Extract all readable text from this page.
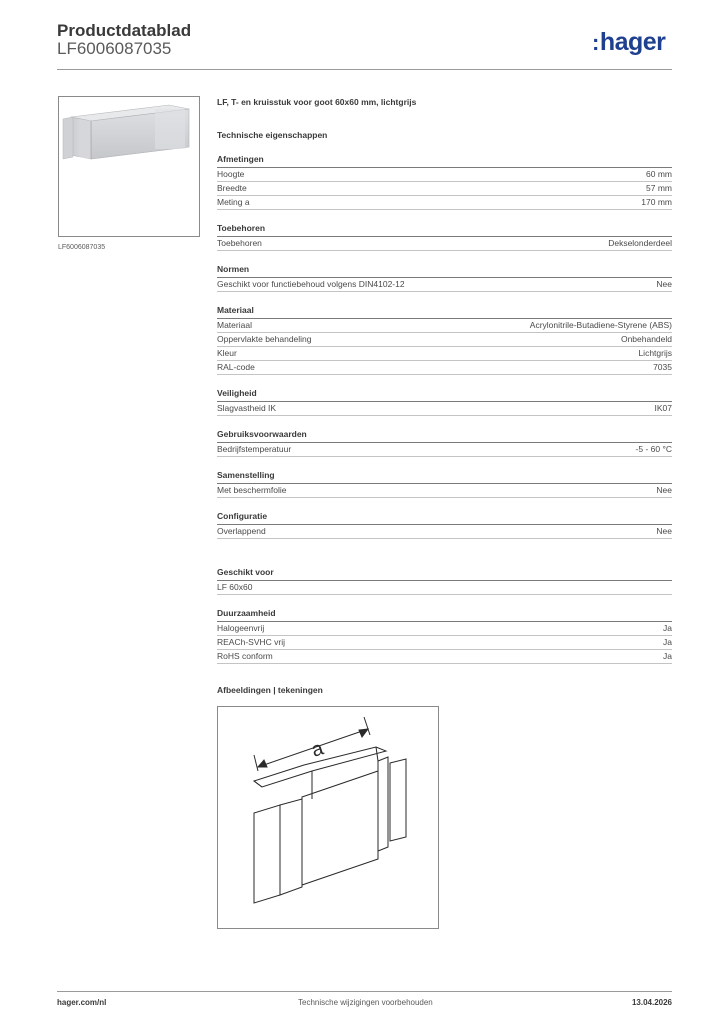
Productdatablad
LF6006087035	:hager
LF6006087035
LF, T- en kruisstuk voor goot 60x60 mm, lichtgrijs
Technische eigenschappen
Afmetingen
Hoogte	60 mm
Breedte	57 mm
Meting a	170 mm
Toebehoren
Toebehoren	Dekselonderdeel
Normen
Geschikt voor functiebehoud volgens DIN4102-12	Nee
Materiaal
Materiaal	Acrylonitrile-Butadiene-Styrene (ABS)
Oppervlakte behandeling	Onbehandeld
Kleur	Lichtgrijs
RAL-code	7035
Veiligheid
Slagvastheid IK	IK07
Gebruiksvoorwaarden
Bedrijfstemperatuur	-5 - 60 °C
Samenstelling
Met beschermfolie	Nee
Configuratie
Overlappend	Nee
Geschikt voor
LF 60x60
Duurzaamheid
Halogeenvrij	Ja
REACh-SVHC vrij	Ja
RoHS conform	Ja
Afbeeldingen | tekeningen
a
hager.com/nl	Technische wijzigingen voorbehouden	13.04.2026
